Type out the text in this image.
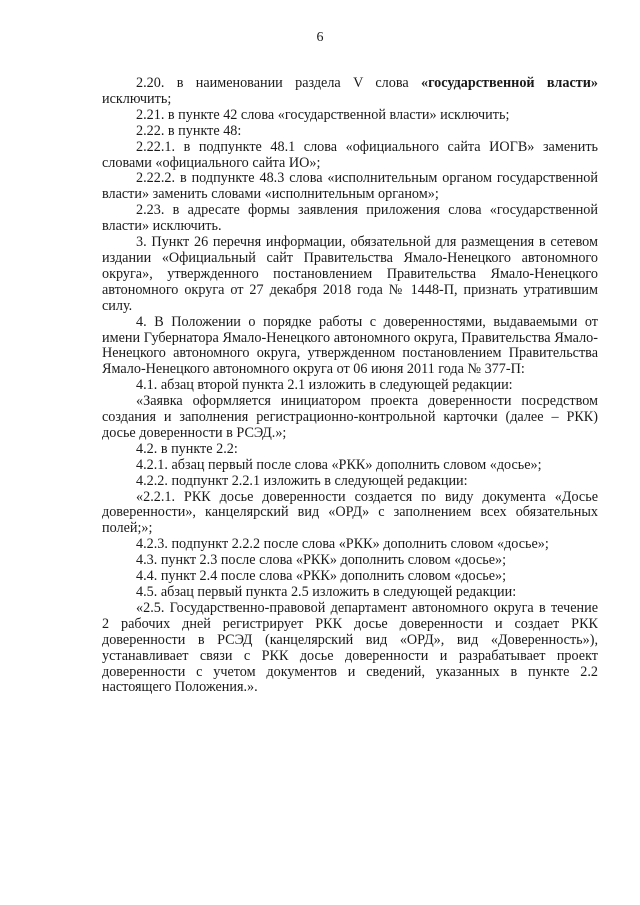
6

2.20. в наименовании раздела V слова «государственной власти» исключить;

2.21. в пункте 42 слова «государственной власти» исключить;

2.22. в пункте 48:

2.22.1. в подпункте 48.1 слова «официального сайта ИОГВ» заменить словами «официального сайта ИО»;

2.22.2. в подпункте 48.3 слова «исполнительным органом государственной власти» заменить словами «исполнительным органом»;

2.23. в адресате формы заявления приложения слова «государственной власти» исключить.

3. Пункт 26 перечня информации, обязательной для размещения в сетевом издании «Официальный сайт Правительства Ямало-Ненецкого автономного округа», утвержденного постановлением Правительства Ямало-Ненецкого автономного округа от 27 декабря 2018 года № 1448-П, признать утратившим силу.

4. В Положении о порядке работы с доверенностями, выдаваемыми от имени Губернатора Ямало-Ненецкого автономного округа, Правительства Ямало-Ненецкого автономного округа, утвержденном постановлением Правительства Ямало-Ненецкого автономного округа от 06 июня 2011 года № 377-П:

4.1. абзац второй пункта 2.1 изложить в следующей редакции:

«Заявка оформляется инициатором проекта доверенности посредством создания и заполнения регистрационно-контрольной карточки (далее – РКК) досье доверенности в РСЭД.»;

4.2. в пункте 2.2:

4.2.1. абзац первый после слова «РКК» дополнить словом «досье»;

4.2.2. подпункт 2.2.1 изложить в следующей редакции:

«2.2.1. РКК досье доверенности создается по виду документа «Досье доверенности», канцелярский вид «ОРД» с заполнением всех обязательных полей;»;

4.2.3. подпункт 2.2.2 после слова «РКК» дополнить словом «досье»;

4.3. пункт 2.3 после слова «РКК» дополнить словом «досье»;

4.4. пункт 2.4 после слова «РКК» дополнить словом «досье»;

4.5. абзац первый пункта 2.5 изложить в следующей редакции:

«2.5. Государственно-правовой департамент автономного округа в течение 2 рабочих дней регистрирует РКК досье доверенности и создает РКК доверенности в РСЭД (канцелярский вид «ОРД», вид «Доверенность»), устанавливает связи с РКК досье доверенности и разрабатывает проект доверенности с учетом документов и сведений, указанных в пункте 2.2 настоящего Положения.».
